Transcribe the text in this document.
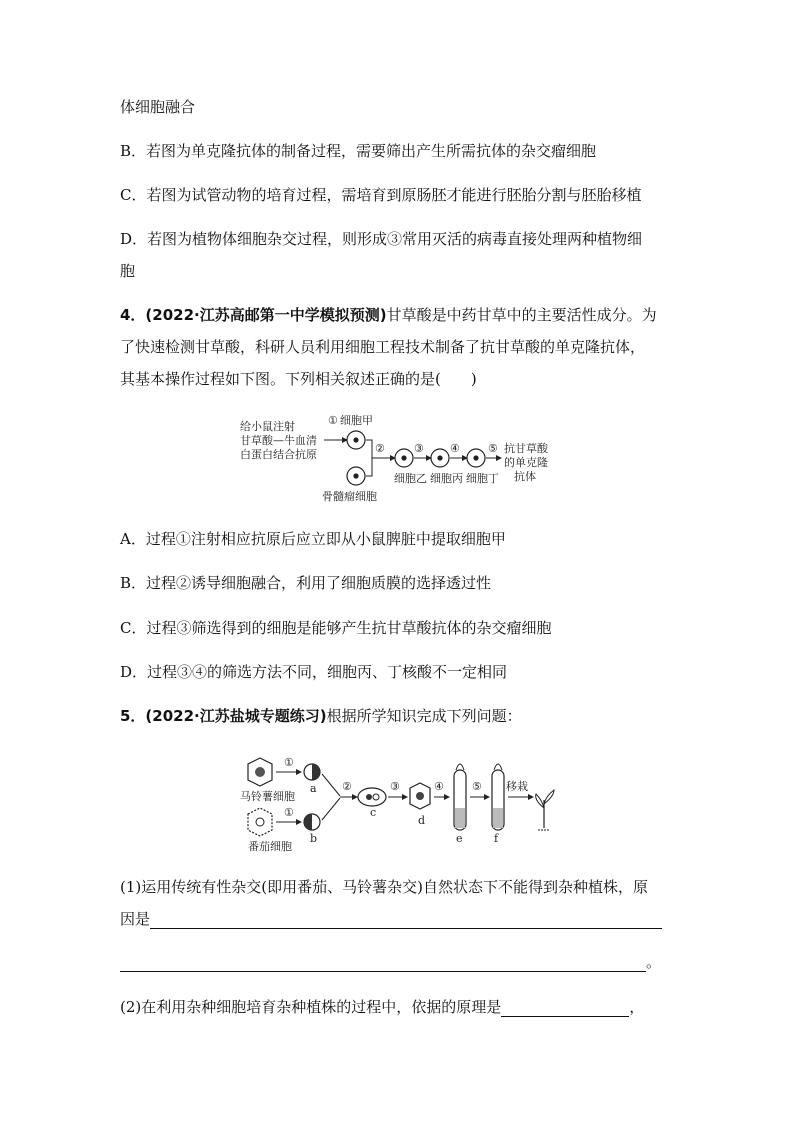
体细胞融合
B．若图为单克隆抗体的制备过程，需要筛出产生所需抗体的杂交瘤细胞
C．若图为试管动物的培育过程，需培育到原肠胚才能进行胚胎分割与胚胎移植
D．若图为植物体细胞杂交过程，则形成③常用灭活的病毒直接处理两种植物细
胞
4．(2022·江苏高邮第一中学模拟预测)甘草酸是中药甘草中的主要活性成分。为
了快速检测甘草酸，科研人员利用细胞工程技术制备了抗甘草酸的单克隆抗体，
其基本操作过程如下图。下列相关叙述正确的是(　　)
给小鼠注射
甘草酸—牛血清
白蛋白结合抗原
① 细胞甲
骨髓瘤细胞
②	③ ④	⑤
细胞乙 细胞丙 细胞丁
抗甘草酸
的单克隆
抗体
A．过程①注射相应抗原后应立即从小鼠脾脏中提取细胞甲
B．过程②诱导细胞融合，利用了细胞质膜的选择透过性
C．过程③筛选得到的细胞是能够产生抗甘草酸抗体的杂交瘤细胞
D．过程③④的筛选方法不同，细胞丙、丁核酸不一定相同
5．(2022·江苏盐城专题练习)根据所学知识完成下列问题：
马铃薯细胞
①
a
番茄细胞
①
b
②
c
③
d
④
e
⑤
f
移栽
(1)运用传统有性杂交(即用番茄、马铃薯杂交)自然状态下不能得到杂种植株，原
因是
。
(2)在利用杂种细胞培育杂种植株的过程中，依据的原理是	，
